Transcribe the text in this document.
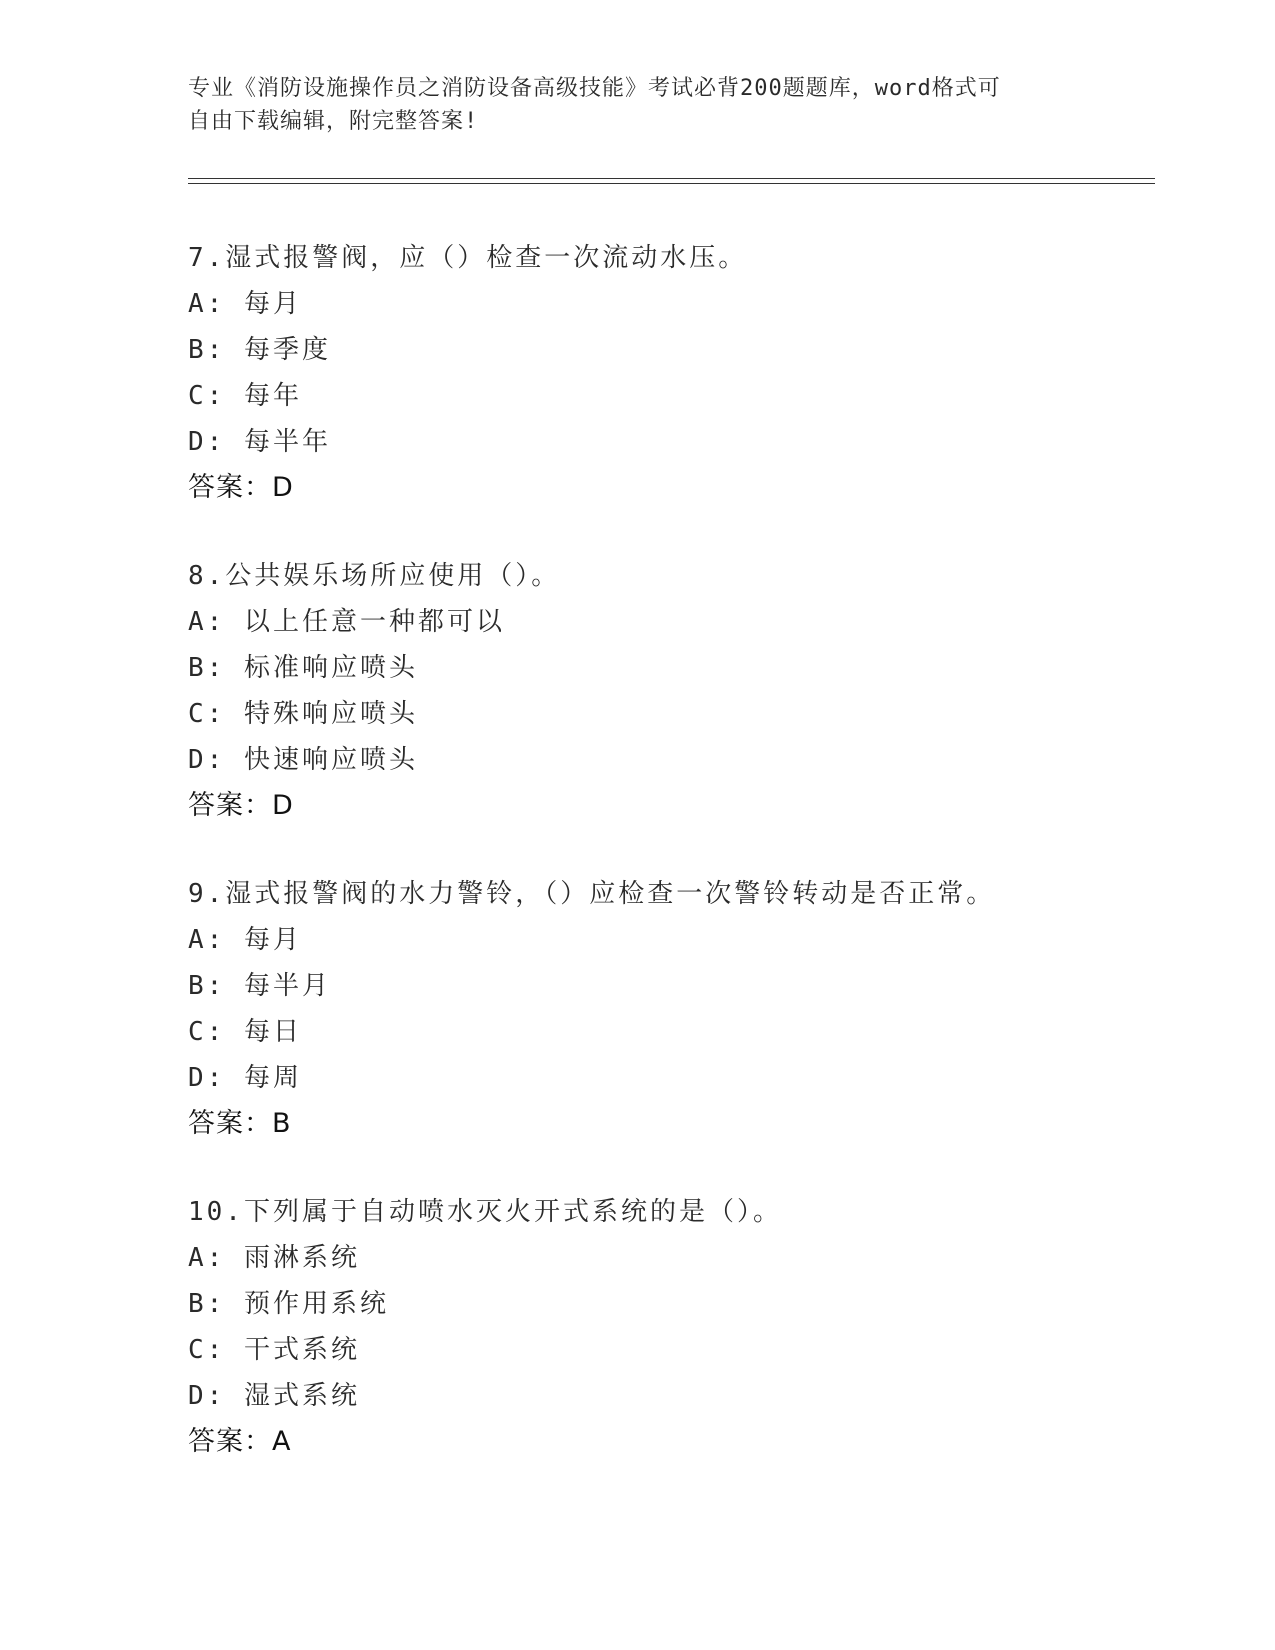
专业《消防设施操作员之消防设备高级技能》考试必背200题题库，word格式可
自由下载编辑，附完整答案!
7.湿式报警阀，应（）检查一次流动水压。
A: 每月
B: 每季度
C: 每年
D: 每半年
答案：D
8.公共娱乐场所应使用（）。
A: 以上任意一种都可以
B: 标准响应喷头
C: 特殊响应喷头
D: 快速响应喷头
答案：D
9.湿式报警阀的水力警铃，（）应检查一次警铃转动是否正常。
A: 每月
B: 每半月
C: 每日
D: 每周
答案：B
10.下列属于自动喷水灭火开式系统的是（）。
A: 雨淋系统
B: 预作用系统
C: 干式系统
D: 湿式系统
答案：A
